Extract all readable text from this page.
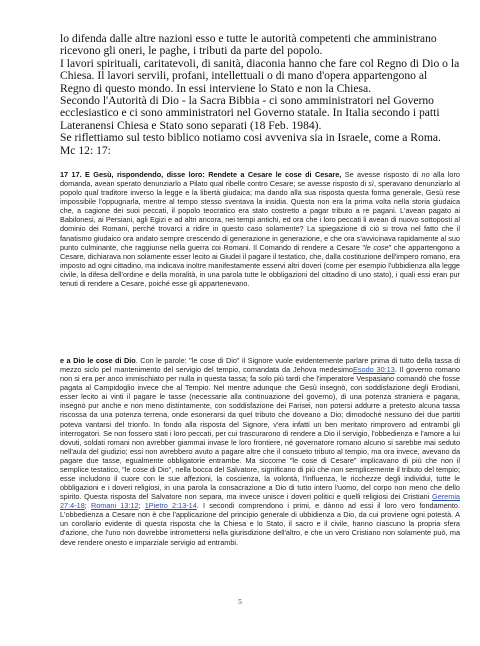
lo difenda dalle altre nazioni esso e tutte le autorità competenti che amministrano ricevono gli oneri, le paghe, i tributi da parte del popolo.

I lavori spirituali, caritatevoli, di sanità, diaconia hanno che fare col Regno di Dio o la Chiesa. Il lavori servili, profani, intellettuali o di mano d'opera appartengono al Regno di questo mondo. In essi interviene lo Stato e non la Chiesa.

Secondo l'Autorità di Dio - la Sacra Bibbia - ci sono amministratori nel Governo ecclesiastico e ci sono amministratori nel Governo statale. In Italia secondo i patti Lateranensi Chiesa e Stato sono separati (18 Feb. 1984).

Se riflettiamo sul testo biblico notiamo cosi avveniva sia in Israele, come a Roma.

Mc 12: 17:

17 17. E Gesù, rispondendo, disse loro: Rendete a Cesare le cose di Cesare, Se avesse risposto di no alla loro domanda, avean sperato denunziarlo a Pilato qual ribelle contro Cesare; se avesse risposto di sì, speravano denunziarlo al popolo qual traditore inverso la legge e la libertà giudaica; ma dando alla sua risposta questa forma generale, Gesù rese impossibile l'oppugnarla, mentre al tempo stesso sventava la insidia. Questa non era la prima volta nella storia giudaica che, a cagione dei suoi peccati, il popolo teocratico era stato costretto a pagar tributo a re pagani. L'avean pagato ai Babilonesi, ai Persiani, agli Egizi e ad altri ancora, nei tempi antichi, ed ora che i loro peccati li avean di nuovo sottoposti al dominio dei Romani, perché trovarci a ridire in questo caso solamente? La spiegazione di ciò si trova nel fatto che il fanatismo giudaico ora andato sempre crescendo di generazione in generazione, e che ora s'avvicinava rapidamente al suo punto culminante, che raggiunse nella guerra coi Romani. Il Comando di rendere a Cesare "le cose" che appartengono a Cesare, dichiarava non solamente esser lecito ai Giudei il pagare il testatico, che, dalla costituzione dell'impero romano, era imposto ad ogni cittadino, ma indicava inoltre manifestamente esservi altri doveri (come per esempio l'ubbidienza alla legge civile, la difesa dell'ordine e della moralità, in una parola tutte le obbligazioni del cittadino di uno stato), i quali essi eran pur tenuti di rendere a Cesare, poiché esse gli appartenevano.
e a Dio le cose di Dio. Con le parole: "le cose di Dio" il Signore vuole evidentemente parlare prima di tutto della tassa di mezzo siclo pel mantenimento del servigio del tempio, comandata da Jehova medesimoEsodo 30:13. Il governo romano non si era per anco immischiato per nulla in questa tassa; fa solo più tardi che l'imperatore Vespasiano comandò che fosse pagata al Campidoglio invece che al Tempio. Nel mentre adunque che Gesù insegnò, con soddisfazione degli Erodiani, esser lecito ai vinti il pagare le tasse (necessarie alla continuazione del governo), di una potenza straniera e pagana, insegnò pur anche e non meno distintamente, con soddisfazione dei Farisei, non potersi addurre a pretesto alcuna tassa riscossa da una potenza terrena, onde esonerarsi da quel tributo che doveano a Dio; dimodoché nessuno dei due partiti poteva vantarsi del trionfo. In fondo alla risposta del Signore, v'era infatti un ben meritato rimprovero ad entrambi gli interrogatori. Se non fossero stati i loro peccati, per cui trascurarono di rendere a Dio il servigio, l'obbedienza e l'amore a lui dovuti, soldati romani non avrebber giammai invase le loro frontiere, né governatore romano alcuno si sarebbe mai seduto nell'aula del giudizio; essi non avrebbero avuto a pagare altre che il consueto tributo al tempio, ma ora invece, avevano da pagare due tasse, egualmente obbligatorie entrambe. Ma siccome "le cose di Cesare" implicavano di più che non il semplice testatico, "le cose di Dio", nella bocca del Salvatore, significano di più che non semplicemente il tributo del tempio; esse includono il cuore con le sue affezioni, la coscienza, la volontà, l'influenza, le ricchezze degli individui, tutte le obbligazioni e i doveri religiosi, in una parola la consacrazione a Dio di tutto intero l'uomo, del corpo non meno che dello spirito. Questa risposta del Salvatore non separa, ma invece unisce i doveri politici e quelli religiosi dei Cristiani Geremia 27:4-18; Romani 13:12; 1Pietro 2:13-14. I secondi comprendono i primi, e dànno ad essi il loro vero fondamento. L'obbedienza a Cesare non è che l'applicazione del principio generale di ubbidienza a Dio, da cui proviene ogni potestà. A un corollario evidente di questa risposta che la Chiesa e lo Stato, il sacro e il civile, hanno ciascuno la propria sfera d'azione, che l'uno non dovrebbe intromettersi nella giurisdizione dell'altro, e che un vero Cristiano non solamente può, ma deve rendere onesto e imparziale servigio ad entrambi.
5
